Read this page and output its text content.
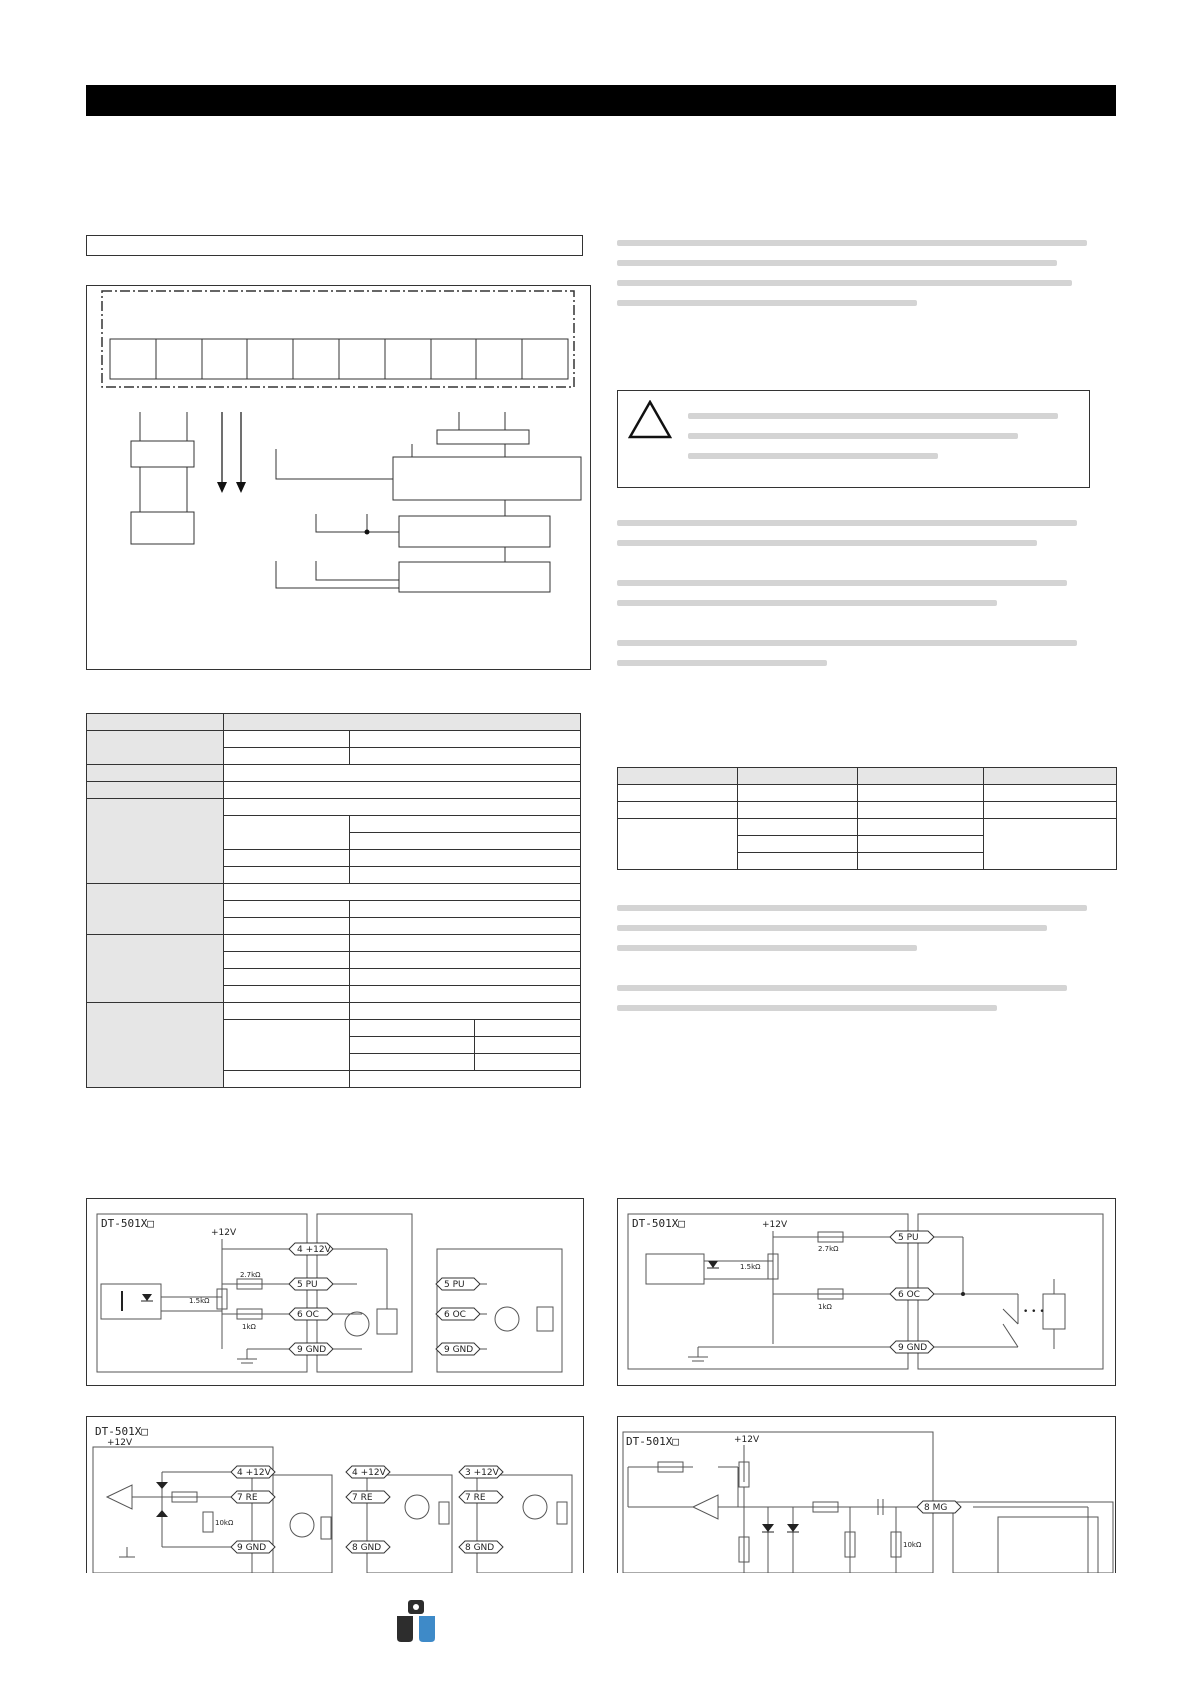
DT-501X□
+12V
4 +12V
5 PU
6 OC
9 GND
5 PU
6 OC
9 GND
1.5kΩ
2.7kΩ
1kΩ
DT-501X□	+12V
5 PU
6 OC
9 GND
2.7kΩ
1kΩ
1.5kΩ
• • •
DT-501X□
+12V
4 +12V
7 RE
9 GND
4 +12V
7 RE
8 GND
3 +12V
7 RE
8 GND
10kΩ
DT-501X□	+12V
8 MG
10kΩ
